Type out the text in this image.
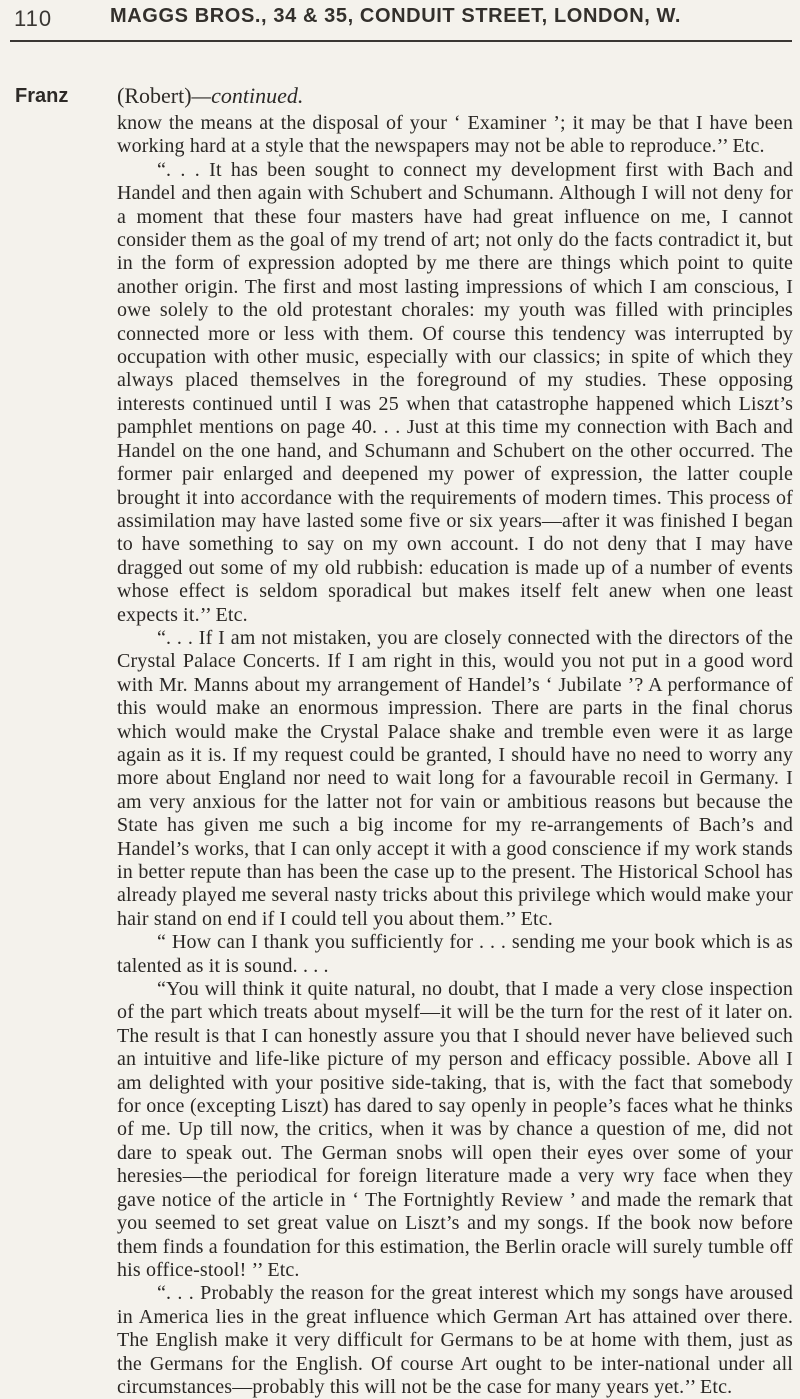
110	MAGGS BROS., 34 & 35, CONDUIT STREET, LONDON, W.
Franz (Robert)—continued.

know the means at the disposal of your ‘ Examiner ’; it may be that I have been working hard at a style that the newspapers may not be able to reproduce.’’ Etc.

“. . . It has been sought to connect my development first with Bach and Handel and then again with Schubert and Schumann. Although I will not deny for a moment that these four masters have had great influence on me, I cannot consider them as the goal of my trend of art; not only do the facts contradict it, but in the form of expression adopted by me there are things which point to quite another origin. The first and most lasting impressions of which I am conscious, I owe solely to the old protestant chorales: my youth was filled with principles connected more or less with them. Of course this tendency was interrupted by occupation with other music, especially with our classics; in spite of which they always placed themselves in the foreground of my studies. These opposing interests continued until I was 25 when that catastrophe happened which Liszt’s pamphlet mentions on page 40. . . Just at this time my connection with Bach and Handel on the one hand, and Schumann and Schubert on the other occurred. The former pair enlarged and deepened my power of expression, the latter couple brought it into accordance with the requirements of modern times. This process of assimilation may have lasted some five or six years—after it was finished I began to have something to say on my own account. I do not deny that I may have dragged out some of my old rubbish: education is made up of a number of events whose effect is seldom sporadical but makes itself felt anew when one least expects it.’’ Etc.

“. . . If I am not mistaken, you are closely connected with the directors of the Crystal Palace Concerts. If I am right in this, would you not put in a good word with Mr. Manns about my arrangement of Handel’s ‘ Jubilate ’? A performance of this would make an enormous impression. There are parts in the final chorus which would make the Crystal Palace shake and tremble even were it as large again as it is. If my request could be granted, I should have no need to worry any more about England nor need to wait long for a favourable recoil in Germany. I am very anxious for the latter not for vain or ambitious reasons but because the State has given me such a big income for my re-arrangements of Bach’s and Handel’s works, that I can only accept it with a good conscience if my work stands in better repute than has been the case up to the present. The Historical School has already played me several nasty tricks about this privilege which would make your hair stand on end if I could tell you about them.’’ Etc.

“ How can I thank you sufficiently for . . . sending me your book which is as talented as it is sound. . . .

“You will think it quite natural, no doubt, that I made a very close inspection of the part which treats about myself—it will be the turn for the rest of it later on. The result is that I can honestly assure you that I should never have believed such an intuitive and life-like picture of my person and efficacy possible. Above all I am delighted with your positive side-taking, that is, with the fact that somebody for once (excepting Liszt) has dared to say openly in people’s faces what he thinks of me. Up till now, the critics, when it was by chance a question of me, did not dare to speak out. The German snobs will open their eyes over some of your heresies—the periodical for foreign literature made a very wry face when they gave notice of the article in ‘ The Fortnightly Review ’ and made the remark that you seemed to set great value on Liszt’s and my songs. If the book now before them finds a foundation for this estimation, the Berlin oracle will surely tumble off his office-stool! ’’ Etc.

“. . . Probably the reason for the great interest which my songs have aroused in America lies in the great influence which German Art has attained over there. The English make it very difficult for Germans to be at home with them, just as the Germans for the English. Of course Art ought to be inter-national under all circumstances—probably this will not be the case for many years yet.’’ Etc.
